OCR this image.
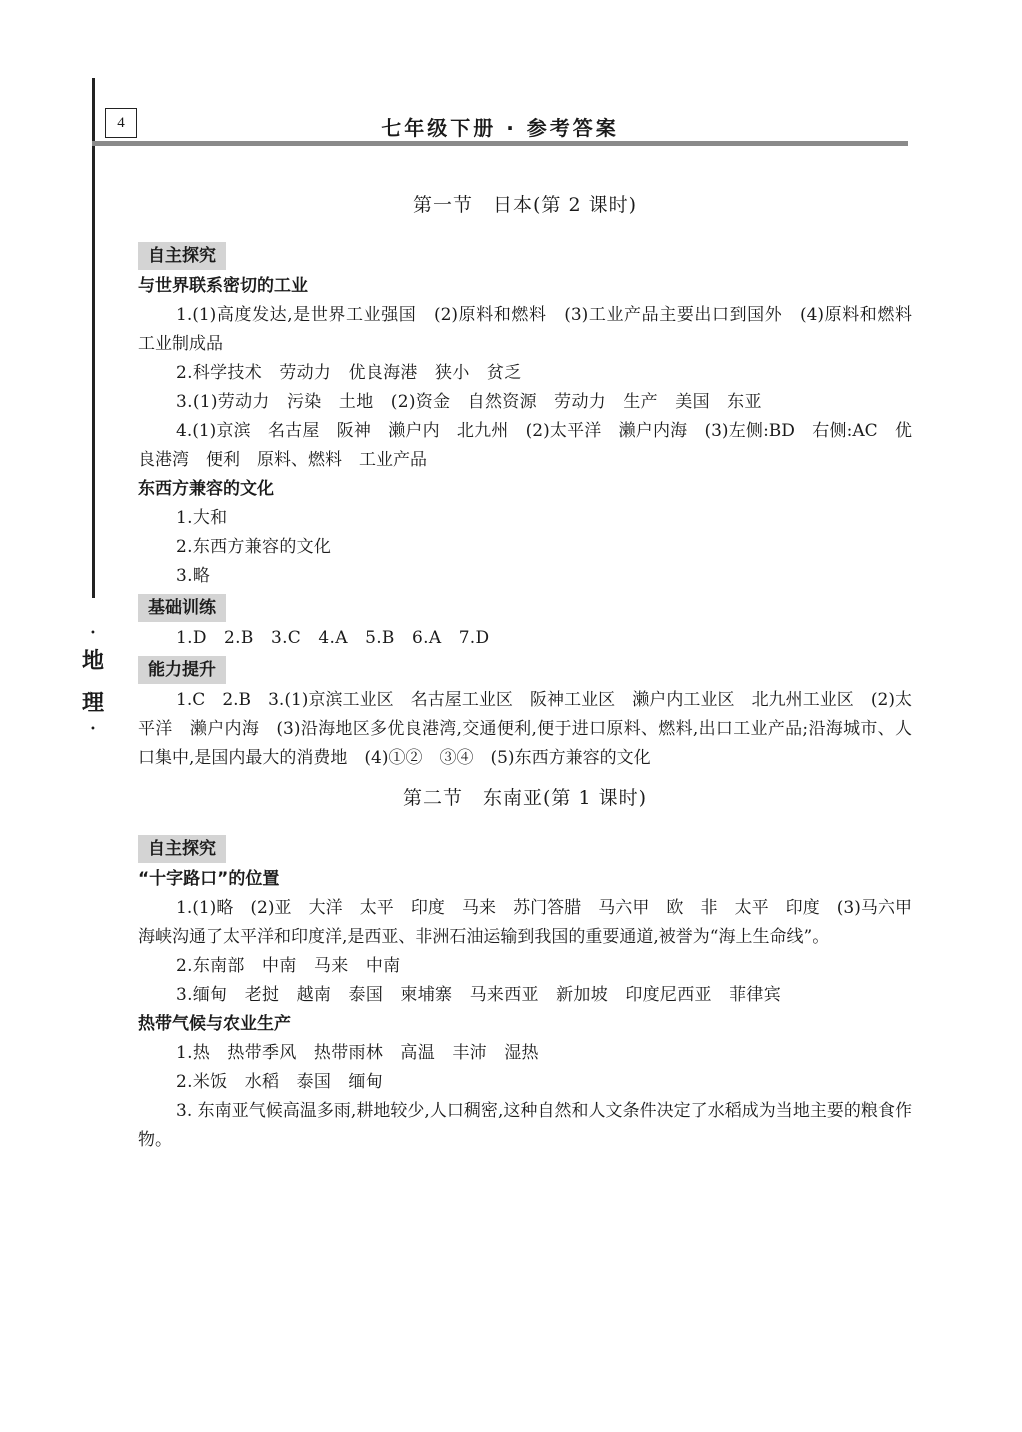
4	七年级下册 · 参考答案
•
地
理
•
第一节　日本(第 2 课时)
自主探究
与世界联系密切的工业
1.(1)高度发达,是世界工业强国　(2)原料和燃料　(3)工业产品主要出口到国外　(4)原料和燃料　工业制成品
2.科学技术　劳动力　优良海港　狭小　贫乏
3.(1)劳动力　污染　土地　(2)资金　自然资源　劳动力　生产　美国　东亚
4.(1)京滨　名古屋　阪神　濑户内　北九州　(2)太平洋　濑户内海　(3)左侧:BD　右侧:AC　优良港湾　便利　原料、燃料　工业产品
东西方兼容的文化
1.大和
2.东西方兼容的文化
3.略
基础训练
1.D　2.B　3.C　4.A　5.B　6.A　7.D
能力提升
1.C　2.B　3.(1)京滨工业区　名古屋工业区　阪神工业区　濑户内工业区　北九州工业区　(2)太平洋　濑户内海　(3)沿海地区多优良港湾,交通便利,便于进口原料、燃料,出口工业产品;沿海城市、人口集中,是国内最大的消费地　(4)①②　③④　(5)东西方兼容的文化
第二节　东南亚(第 1 课时)
自主探究
“十字路口”的位置
1.(1)略　(2)亚　大洋　太平　印度　马来　苏门答腊　马六甲　欧　非　太平　印度　(3)马六甲海峡沟通了太平洋和印度洋,是西亚、非洲石油运输到我国的重要通道,被誉为“海上生命线”。
2.东南部　中南　马来　中南
3.缅甸　老挝　越南　泰国　柬埔寨　马来西亚　新加坡　印度尼西亚　菲律宾
热带气候与农业生产
1.热　热带季风　热带雨林　高温　丰沛　湿热
2.米饭　水稻　泰国　缅甸
3. 东南亚气候高温多雨,耕地较少,人口稠密,这种自然和人文条件决定了水稻成为当地主要的粮食作物。
